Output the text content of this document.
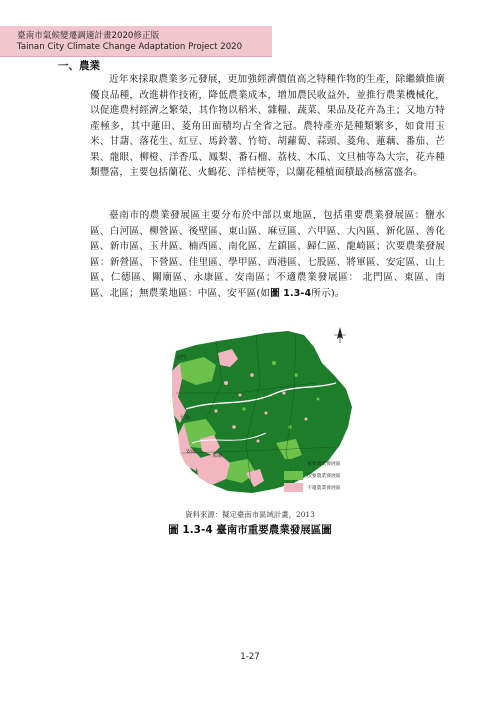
臺南市氣候變遷調適計畫2020修正版
Tainan City Climate Change Adaptation Project 2020
一、農業
近年來採取農業多元發展，更加強經濟價值高之特種作物的生產，除繼續推廣優良品種，改進耕作技術，降低農業成本，增加農民收益外，並推行農業機械化，以促進農村經濟之繁榮，其作物以稻米、雜糧、蔬菜、果品及花卉為主；又地方特產極多，其中蓮田、菱角田面積均占全省之冠。農特產亦是種類繁多，如食用玉米、甘藷、落花生、紅豆、馬鈴薯、竹筍、胡蘿蔔、蒜頭、菱角、蓮藕、番茄、芒果、龍眼、柳橙、洋香瓜、鳳梨、番石榴、荔枝、木瓜、文旦柚等為大宗，花卉種類豐富，主要包括蘭花、火鶴花、洋桔梗等，以蘭花種植面積最高極富盛名。
臺南市的農業發展區主要分布於中部以東地區，包括重要農業發展區：鹽水區、白河區、柳營區、後壁區、東山區、麻豆區、六甲區、大內區、新化區、善化區、新市區、玉井區、楠西區、南化區、左鎮區、歸仁區、龍崎區；次要農業發展區：新營區、下營區、佳里區、學甲區、西港區、七股區、將軍區、安定區、山上區、仁德區、關廟區、永康區、安南區；不適農業發展區： 北門區、東區、南區、北區；無農業地區：中區、安平區(如圖 1.3-4所示)。
北門
七股
安南
永康
重要農業發展區
次要農業發展區
不適農業發展區
資料來源：擬定臺南市區域計畫，2013
圖 1.3-4 臺南市重要農業發展區圖
1-27
